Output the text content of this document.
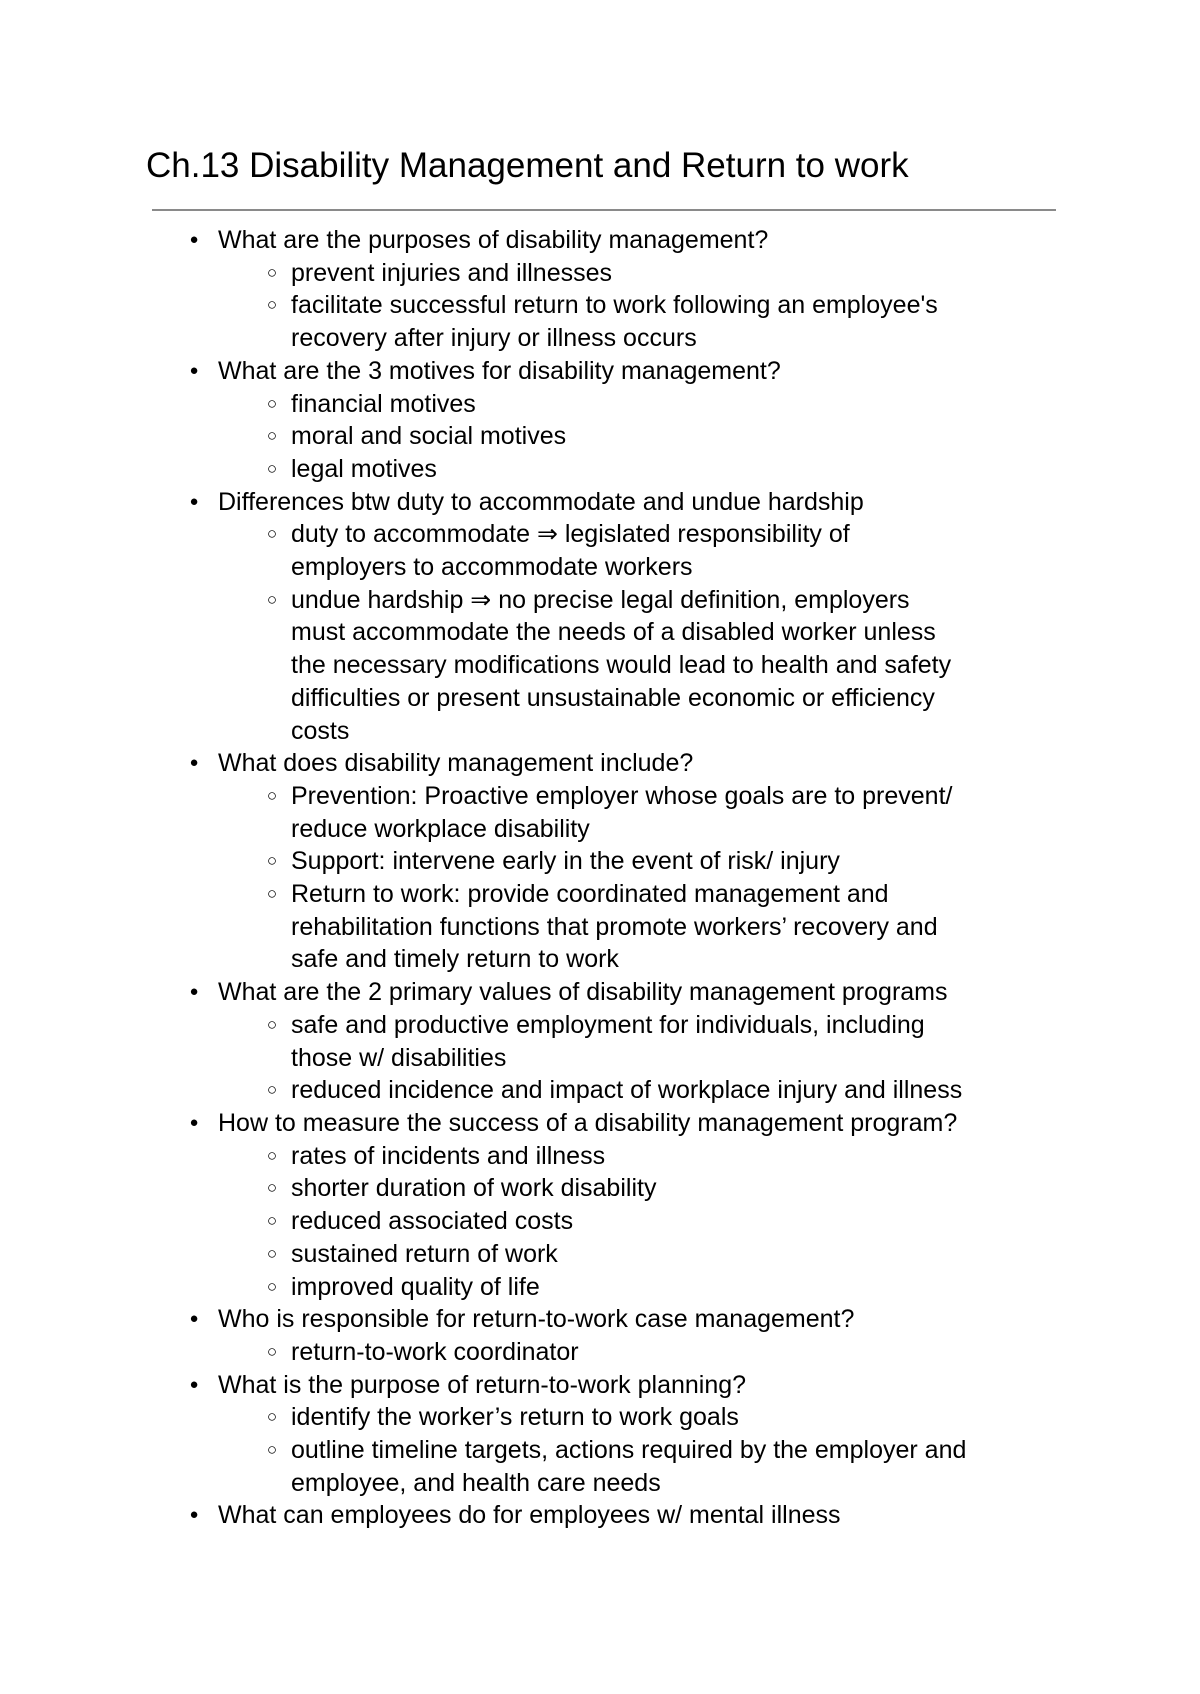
Ch.13 Disability Management and Return to work
● What are the purposes of disability management?
○ prevent injuries and illnesses
○ facilitate successful return to work following an employee's
recovery after injury or illness occurs
● What are the 3 motives for disability management?
○ financial motives
○ moral and social motives
○ legal motives
● Differences btw duty to accommodate and undue hardship
○ duty to accommodate ⇒ legislated responsibility of
employers to accommodate workers
○ undue hardship ⇒ no precise legal definition, employers
must accommodate the needs of a disabled worker unless
the necessary modifications would lead to health and safety
difficulties or present unsustainable economic or efficiency
costs
● What does disability management include?
○ Prevention: Proactive employer whose goals are to prevent/
reduce workplace disability
○ Support: intervene early in the event of risk/ injury
○ Return to work: provide coordinated management and
rehabilitation functions that promote workers’ recovery and
safe and timely return to work
● What are the 2 primary values of disability management programs
○ safe and productive employment for individuals, including
those w/ disabilities
○ reduced incidence and impact of workplace injury and illness
● How to measure the success of a disability management program?
○ rates of incidents and illness
○ shorter duration of work disability
○ reduced associated costs
○ sustained return of work
○ improved quality of life
● Who is responsible for return-to-work case management?
○ return-to-work coordinator
● What is the purpose of return-to-work planning?
○ identify the worker’s return to work goals
○ outline timeline targets, actions required by the employer and
employee, and health care needs
● What can employees do for employees w/ mental illness
